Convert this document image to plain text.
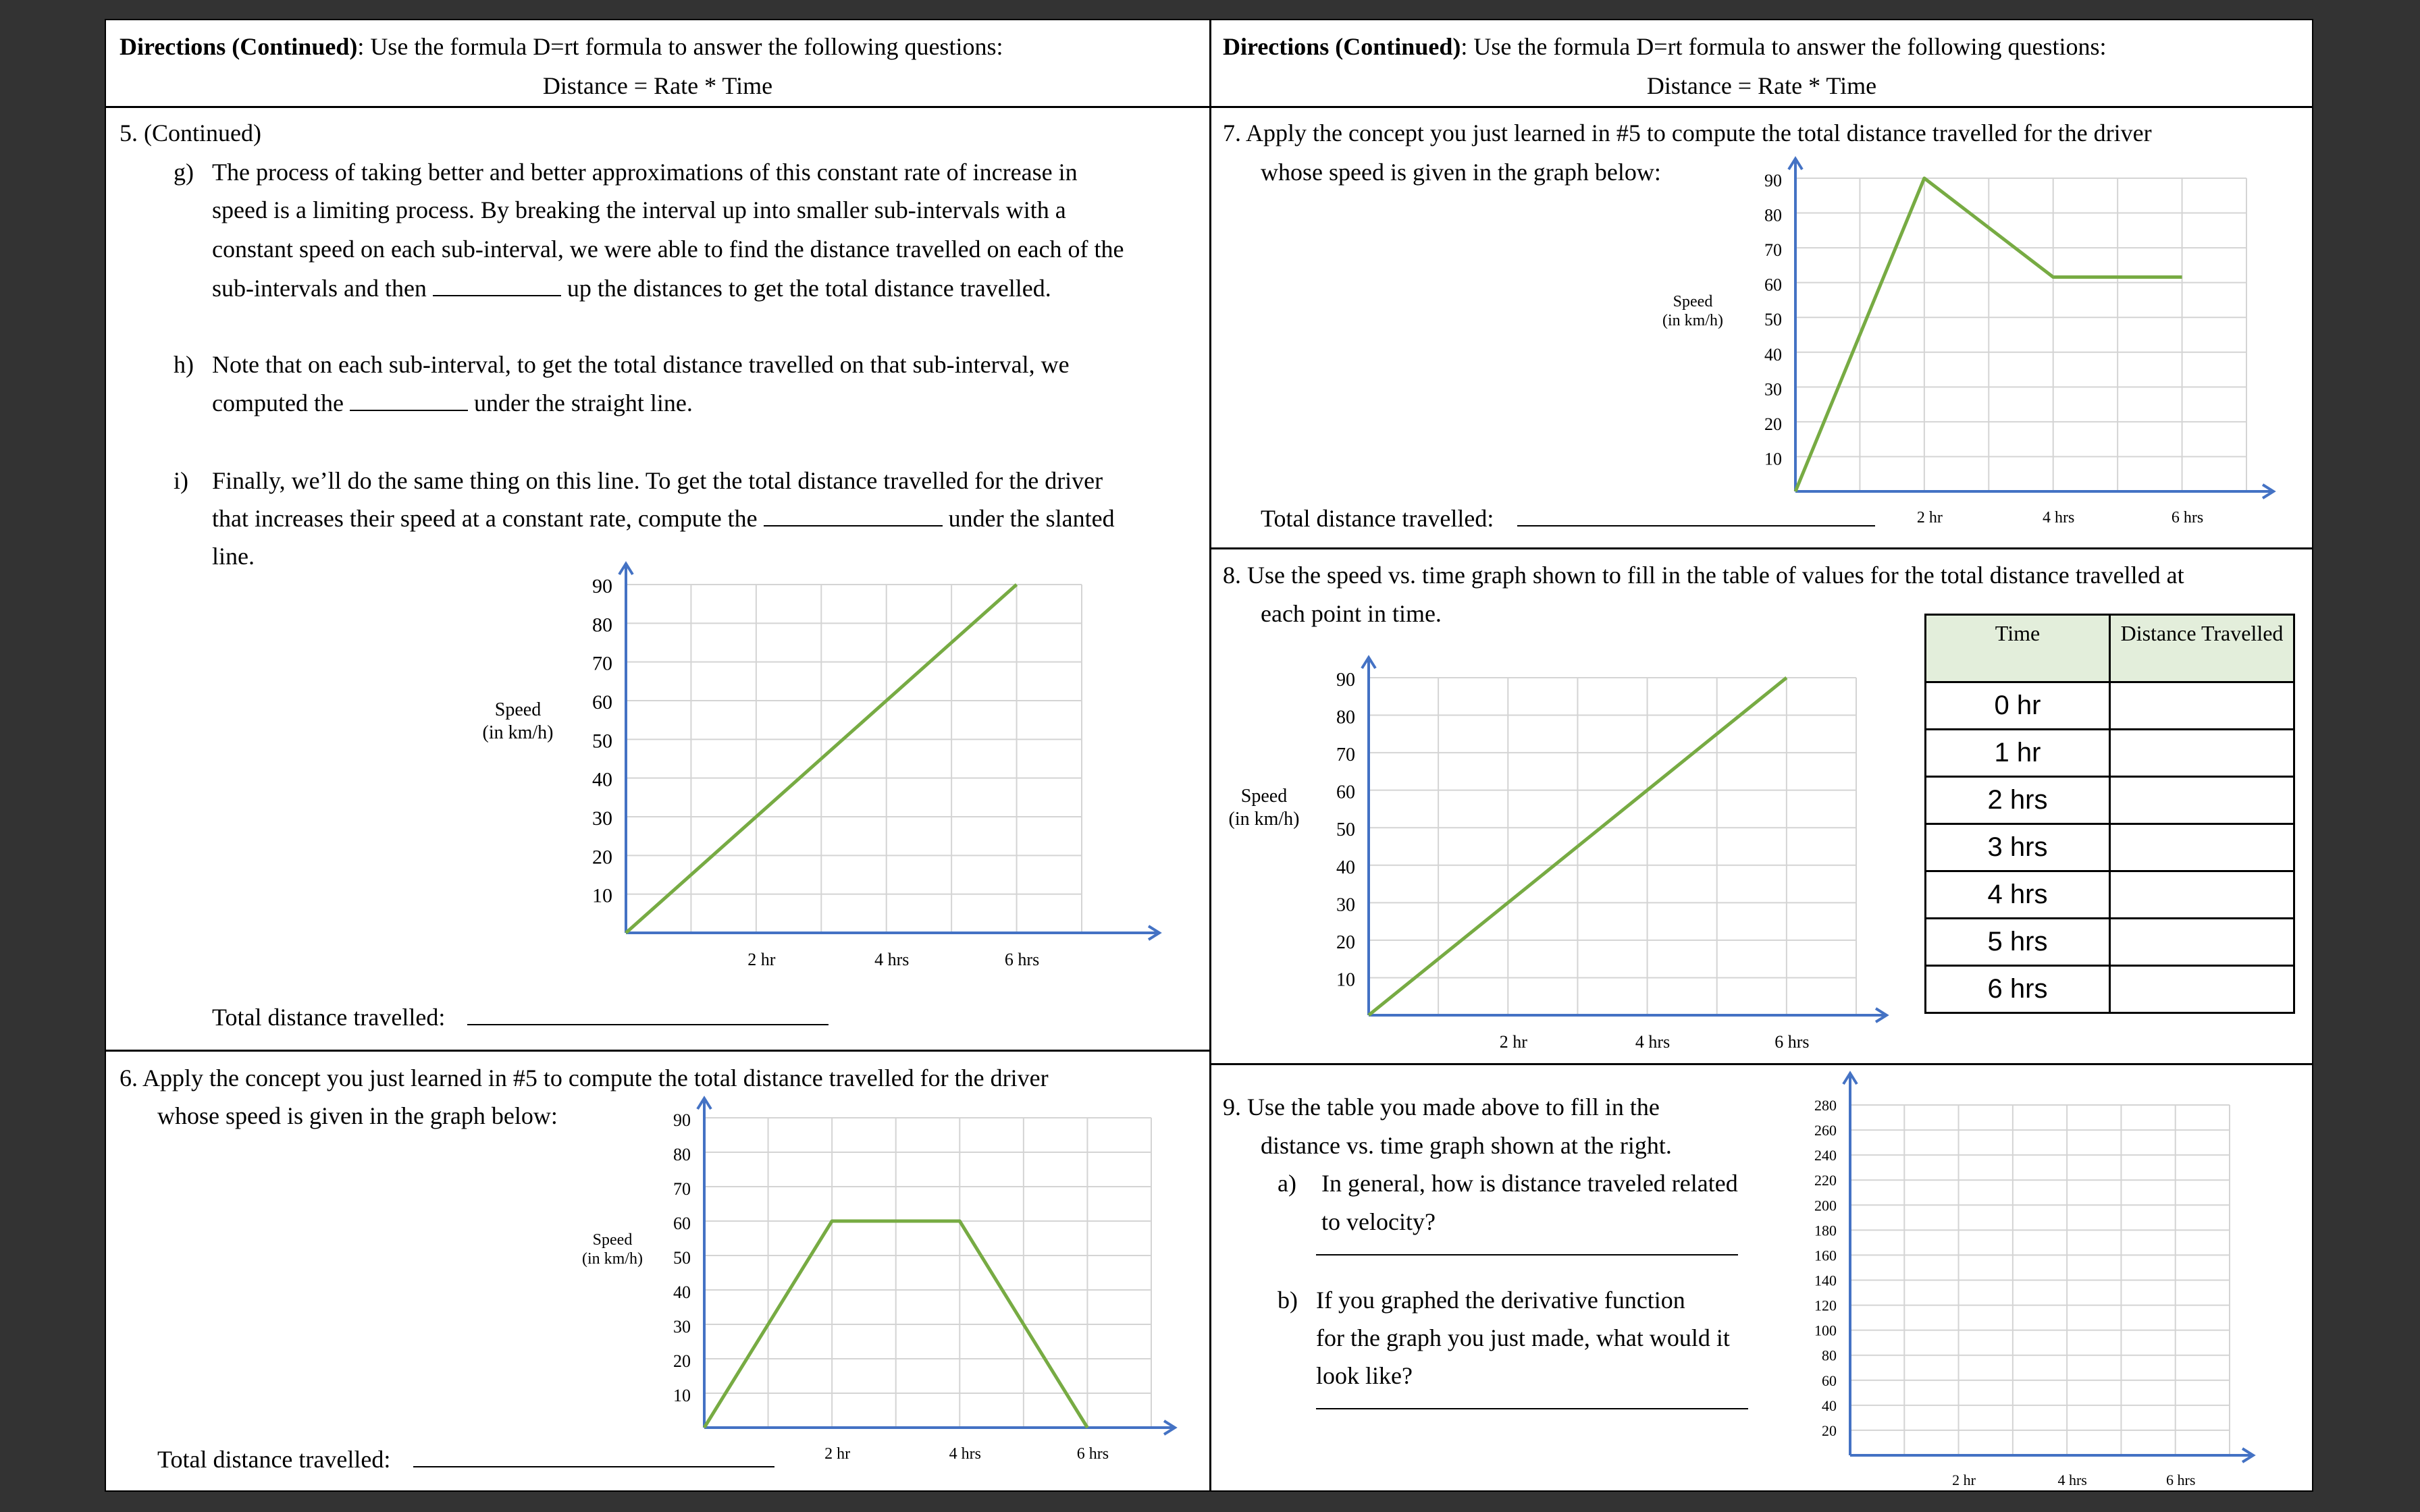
Directions (Continued): Use the formula D=rt formula to answer the following questions:
Distance = Rate * Time
Directions (Continued): Use the formula D=rt formula to answer the following questions:
Distance = Rate * Time
5. (Continued)
g) The process of taking better and better approximations of this constant rate of increase in
speed is a limiting process. By breaking the interval up into smaller sub-intervals with a
constant speed on each sub-interval, we were able to find the distance travelled on each of the
sub-intervals and then	up the distances to get the total distance travelled.
h) Note that on each sub-interval, to get the total distance travelled on that sub-interval, we
computed the	under the straight line.
i) Finally, we’ll do the same thing on this line. To get the total distance travelled for the driver
that increases their speed at a constant rate, compute the	under the slanted
line.
Speed
(in km/h)
Total distance travelled:
6. Apply the concept you just learned in #5 to compute the total distance travelled for the driver
whose speed is given in the graph below:
Speed
(in km/h)
Total distance travelled:
7. Apply the concept you just learned in #5 to compute the total distance travelled for the driver
whose speed is given in the graph below:
Speed
(in km/h)
Total distance travelled:
8. Use the speed vs. time graph shown to fill in the table of values for the total distance travelled at
each point in time.
Speed
(in km/h)
Time	Distance Travelled
0 hr	
1 hr	
2 hrs	
3 hrs	
4 hrs	
5 hrs	
6 hrs	
9. Use the table you made above to fill in the
distance vs. time graph shown at the right.
a) In general, how is distance traveled related
to velocity?
b) If you graphed the derivative function
for the graph you just made, what would it
look like?
10
20
30
40
50
60
70
80
90
2 hr	4 hrs	6 hrs
10
20
30
40
50
60
70
80
90
2 hr	4 hrs	6 hrs
10
20
30
40
50
60
70
80
90
2 hr	4 hrs	6 hrs
10
20
30
40
50
60
70
80
90
2 hr	4 hrs	6 hrs
20
40
60
80
100
120
140
160
180
200
220
240
260
280
2 hr	4 hrs	6 hrs
